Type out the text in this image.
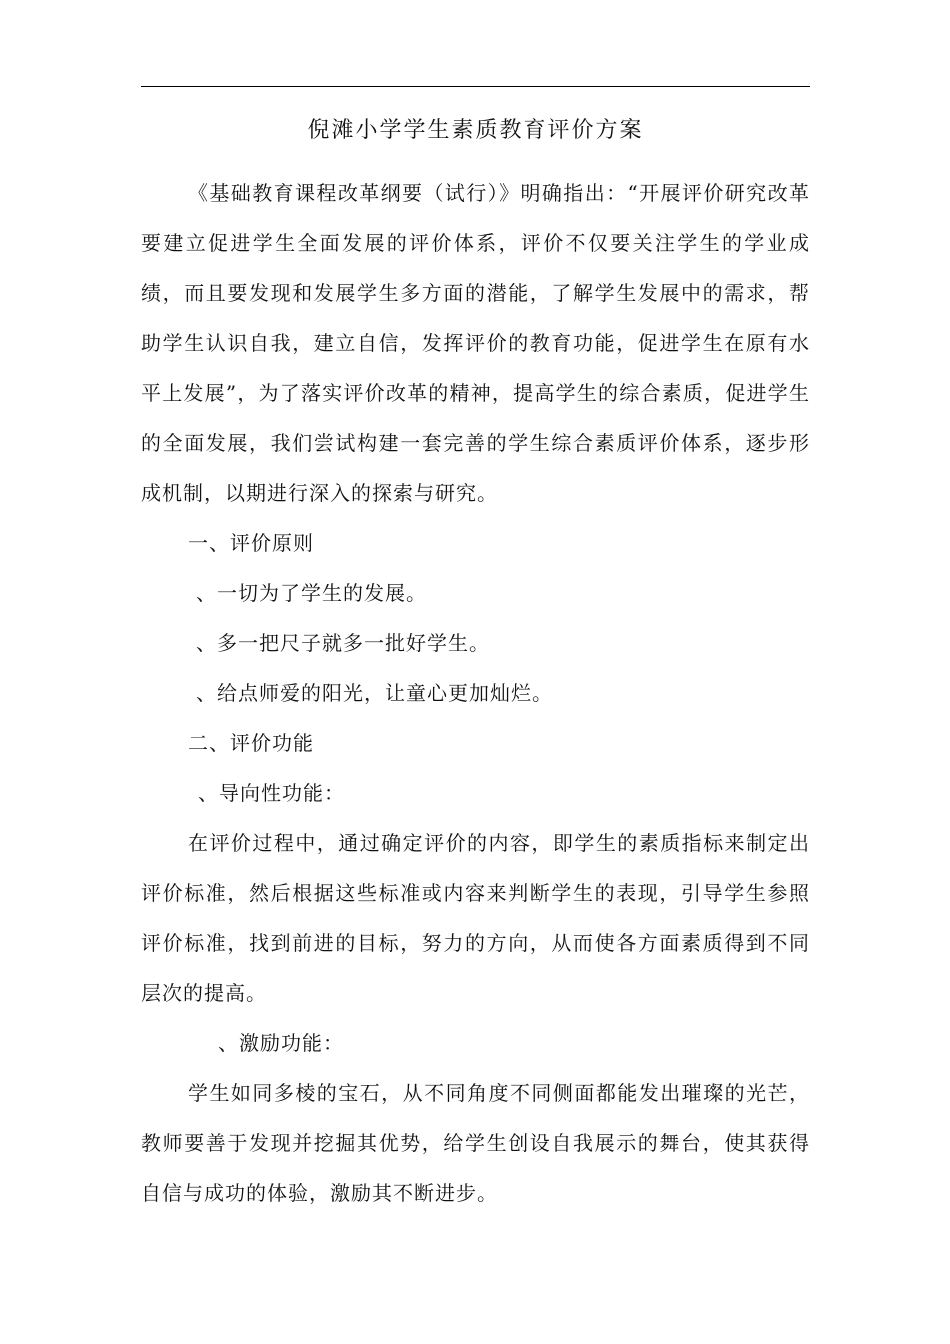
倪滩小学学生素质教育评价方案

《基础教育课程改革纲要（试行）》明确指出：“开展评价研究改革要建立促进学生全面发展的评价体系，评价不仅要关注学生的学业成绩，而且要发现和发展学生多方面的潜能，了解学生发展中的需求，帮助学生认识自我，建立自信，发挥评价的教育功能，促进学生在原有水平上发展”，为了落实评价改革的精神，提高学生的综合素质，促进学生的全面发展，我们尝试构建一套完善的学生综合素质评价体系，逐步形成机制，以期进行深入的探索与研究。

一、评价原则

、一切为了学生的发展。

、多一把尺子就多一批好学生。

、给点师爱的阳光，让童心更加灿烂。

二、评价功能

、导向性功能：

在评价过程中，通过确定评价的内容，即学生的素质指标来制定出评价标准，然后根据这些标准或内容来判断学生的表现，引导学生参照评价标准，找到前进的目标，努力的方向，从而使各方面素质得到不同层次的提高。

、激励功能：

学生如同多棱的宝石，从不同角度不同侧面都能发出璀璨的光芒，教师要善于发现并挖掘其优势，给学生创设自我展示的舞台，使其获得自信与成功的体验，激励其不断进步。
